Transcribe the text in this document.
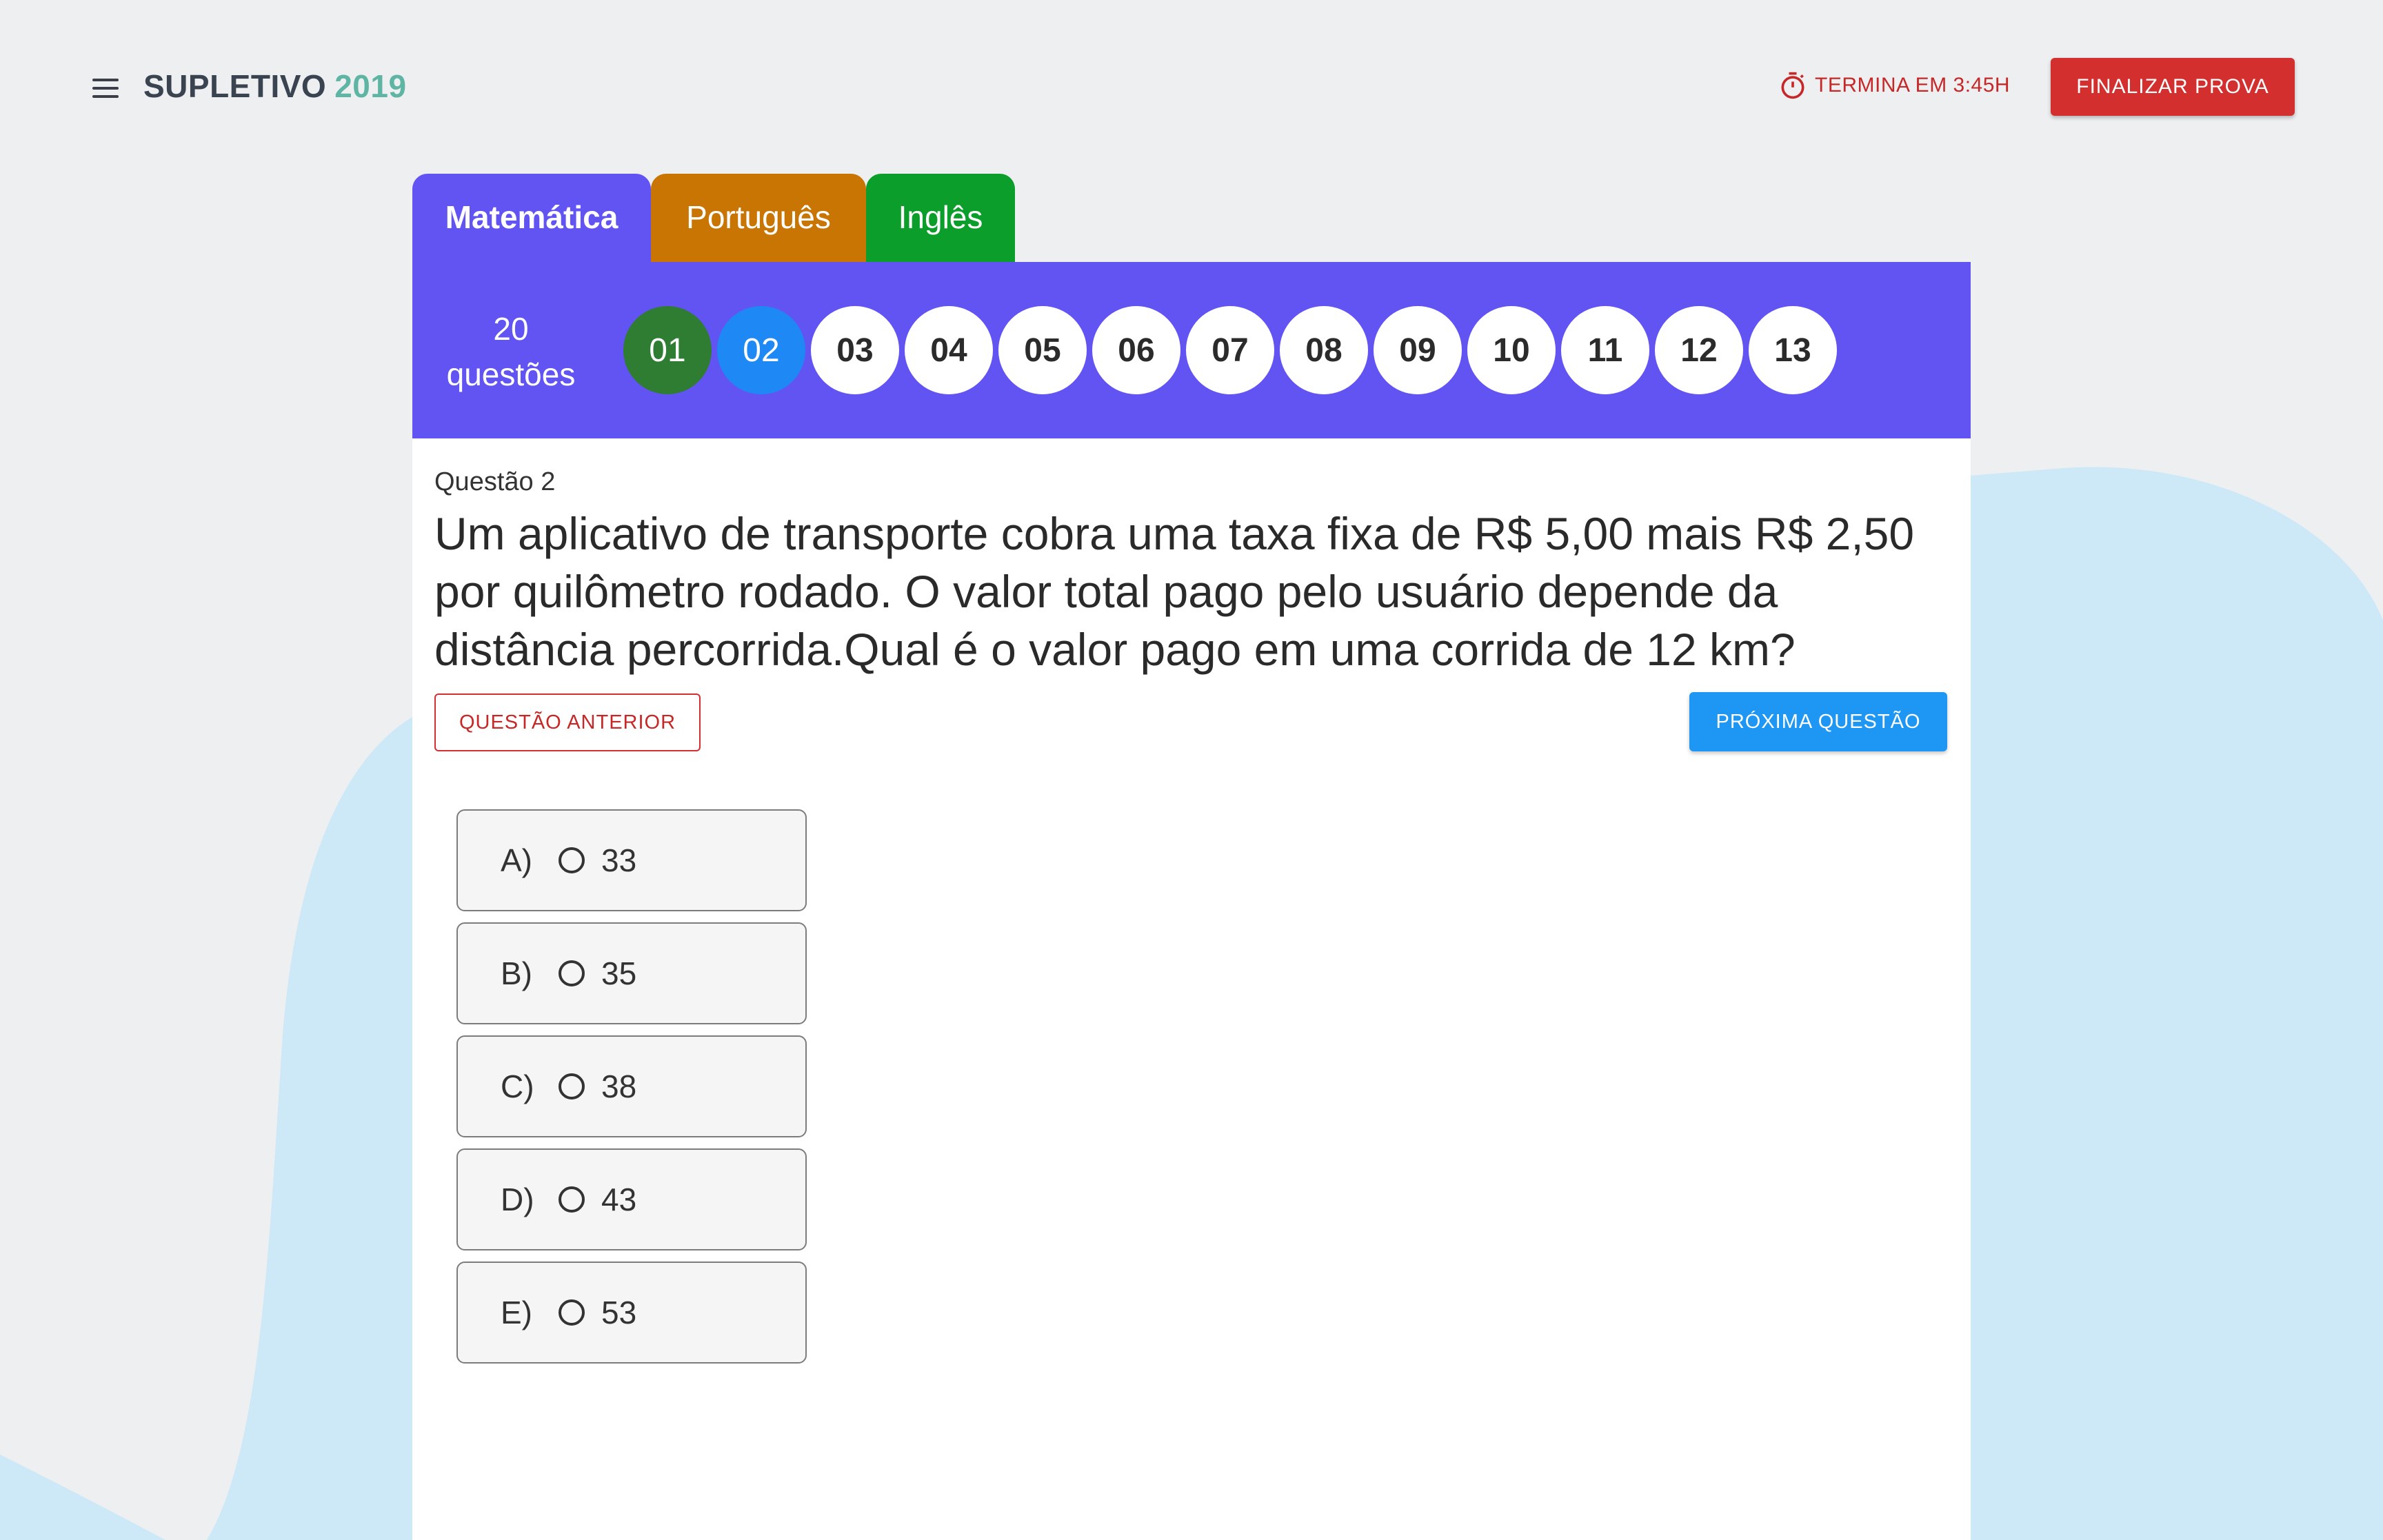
SUPLETIVO 2019	TERMINA EM 3:45H	FINALIZAR PROVA
Matemática	Português	Inglês
20
questões
01	02	03	04	05	06	07	08	09	10	11	12	13
Questão 2
Um aplicativo de transporte cobra uma taxa fixa de R$ 5,00 mais R$ 2,50 por quilômetro rodado. O valor total pago pelo usuário depende da distância percorrida.Qual é o valor pago em uma corrida de 12 km?
QUESTÃO ANTERIOR	PRÓXIMA QUESTÃO
A)	33
B)	35
C)	38
D)	43
E)	53
